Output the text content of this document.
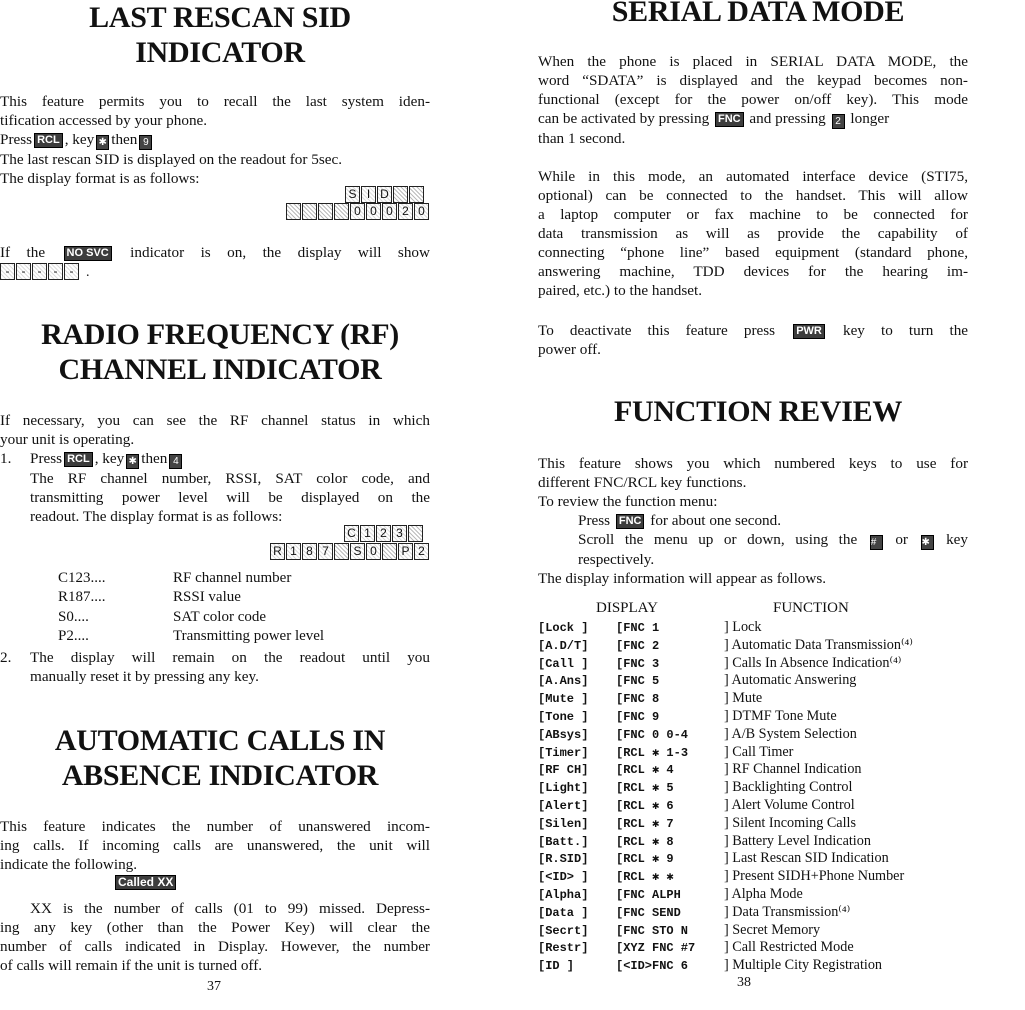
LAST RESCAN SID
INDICATOR
This feature permits you to recall the last system iden-
tification accessed by your phone.
Press RCL , key ✱ then 9
The last rescan SID is displayed on the readout for 5sec.
The display format is as follows:
S I D
0 0 0 2 0
If the NO SVC indicator is on, the display will show
-	-	-	-	- .
RADIO FREQUENCY (RF)
CHANNEL INDICATOR
If necessary, you can see the RF channel status in which
your unit is operating.
1. Press RCL , key ✱ then 4
The RF channel number, RSSI, SAT color code, and
transmitting power level will be displayed on the
readout. The display format is as follows:
C 1 2 3
R 1 8 7	S 0	P 2
C123....	RF channel number
R187....	RSSI value
S0....	SAT color code
P2....	Transmitting power level
2. The display will remain on the readout until you
manually reset it by pressing any key.
AUTOMATIC CALLS IN
ABSENCE INDICATOR
This feature indicates the number of unanswered incom-
ing calls. If incoming calls are unanswered, the unit will
indicate the following.
Called XX
XX is the number of calls (01 to 99) missed. Depress-
ing any key (other than the Power Key) will clear the
number of calls indicated in Display. However, the number
of calls will remain if the unit is turned off.
37
SERIAL DATA MODE
When the phone is placed in SERIAL DATA MODE, the
word “SDATA” is displayed and the keypad becomes non-
functional (except for the power on/off key). This mode
can be activated by pressing FNC and pressing 2 longer
than 1 second.
While in this mode, an automated interface device (STI75,
optional) can be connected to the handset. This will allow
a laptop computer or fax machine to be connected for
data transmission as will as provide the capability of
connecting “phone line” based equipment (standard phone,
answering machine, TDD devices for the hearing im-
paired, etc.) to the handset.
To deactivate this feature press PWR key to turn the
power off.
FUNCTION REVIEW
This feature shows you which numbered keys to use for
different FNC/RCL key functions.
To review the function menu:
Press FNC for about one second.
Scroll the menu up or down, using the # or ✱ key
respectively.
The display information will appear as follows.
DISPLAY	FUNCTION
[Lock ] [FNC 1	] Lock
[A.D/T] [FNC 2	] Automatic Data Transmission⁽⁴⁾
[Call ] [FNC 3	] Calls In Absence Indication⁽⁴⁾
[A.Ans] [FNC 5	] Automatic Answering
[Mute ] [FNC 8	] Mute
[Tone ] [FNC 9	] DTMF Tone Mute
[ABsys] [FNC 0 0-4	] A/B System Selection
[Timer] [RCL ✱ 1-3	] Call Timer
[RF CH] [RCL ✱ 4	] RF Channel Indication
[Light] [RCL ✱ 5	] Backlighting Control
[Alert] [RCL ✱ 6	] Alert Volume Control
[Silen] [RCL ✱ 7	] Silent Incoming Calls
[Batt.] [RCL ✱ 8	] Battery Level Indication
[R.SID] [RCL ✱ 9	] Last Rescan SID Indication
[<ID> ] [RCL ✱ ✱	] Present SIDH+Phone Number
[Alpha] [FNC ALPH	] Alpha Mode
[Data ] [FNC SEND	] Data Transmission⁽⁴⁾
[Secrt] [FNC STO N	] Secret Memory
[Restr] [XYZ FNC #7 ] Call Restricted Mode
[ID ]	[<ID>FNC 6	] Multiple City Registration
38
